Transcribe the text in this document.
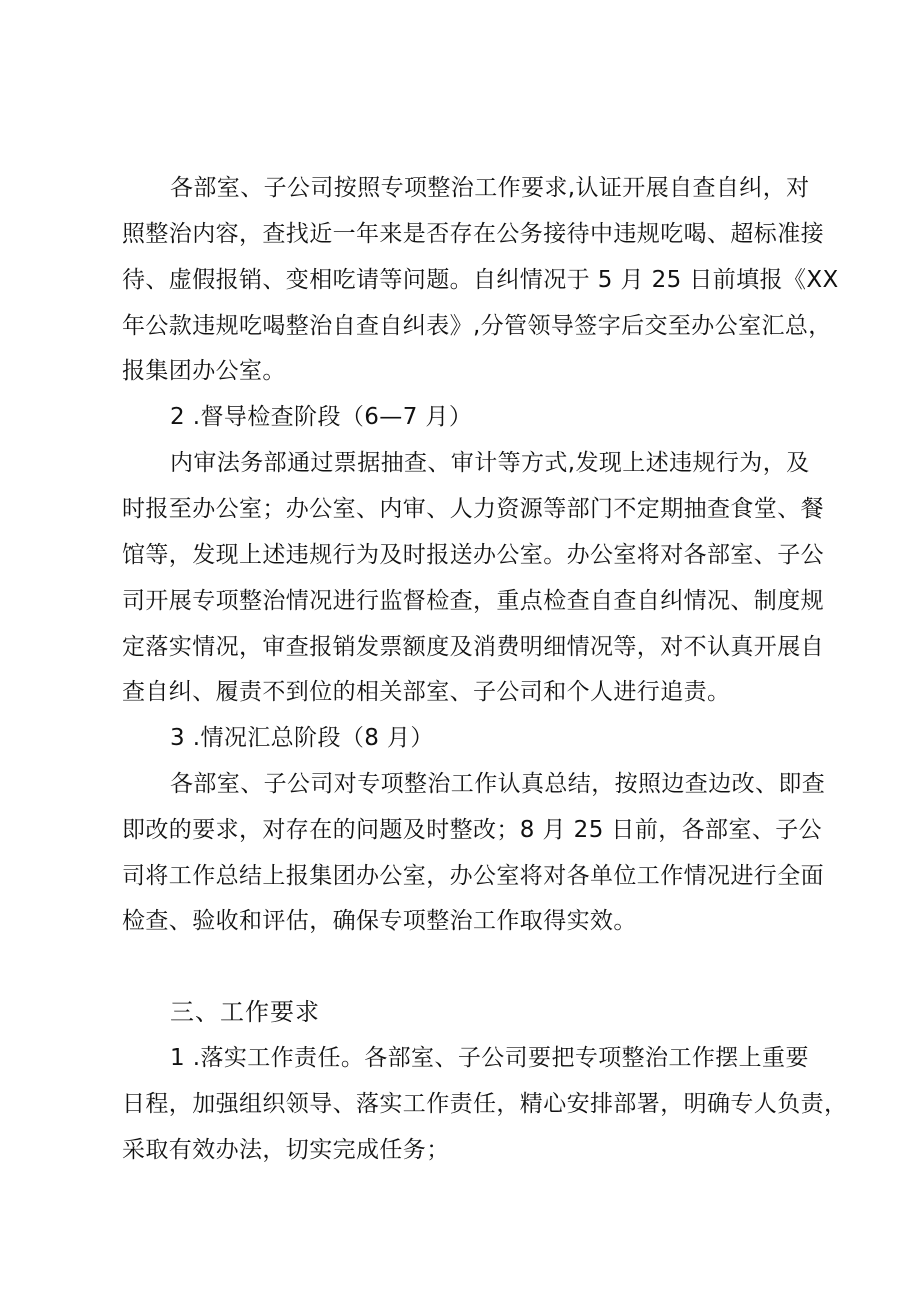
各部室、子公司按照专项整治工作要求,认证开展自查自纠，对
照整治内容，查找近一年来是否存在公务接待中违规吃喝、超标准接
待、虚假报销、变相吃请等问题。自纠情况于 5 月 25 日前填报《XX
年公款违规吃喝整治自查自纠表》,分管领导签字后交至办公室汇总，
报集团办公室。
2 .督导检查阶段（6—7 月）
内审法务部通过票据抽查、审计等方式,发现上述违规行为，及
时报至办公室；办公室、内审、人力资源等部门不定期抽查食堂、餐
馆等，发现上述违规行为及时报送办公室。办公室将对各部室、子公
司开展专项整治情况进行监督检查，重点检查自查自纠情况、制度规
定落实情况，审查报销发票额度及消费明细情况等，对不认真开展自
查自纠、履责不到位的相关部室、子公司和个人进行追责。
3 .情况汇总阶段（8 月）
各部室、子公司对专项整治工作认真总结，按照边查边改、即查
即改的要求，对存在的问题及时整改；8 月 25 日前，各部室、子公
司将工作总结上报集团办公室，办公室将对各单位工作情况进行全面
检查、验收和评估，确保专项整治工作取得实效。
三、工作要求
1 .落实工作责任。各部室、子公司要把专项整治工作摆上重要
日程，加强组织领导、落实工作责任，精心安排部署，明确专人负责，
采取有效办法，切实完成任务；
